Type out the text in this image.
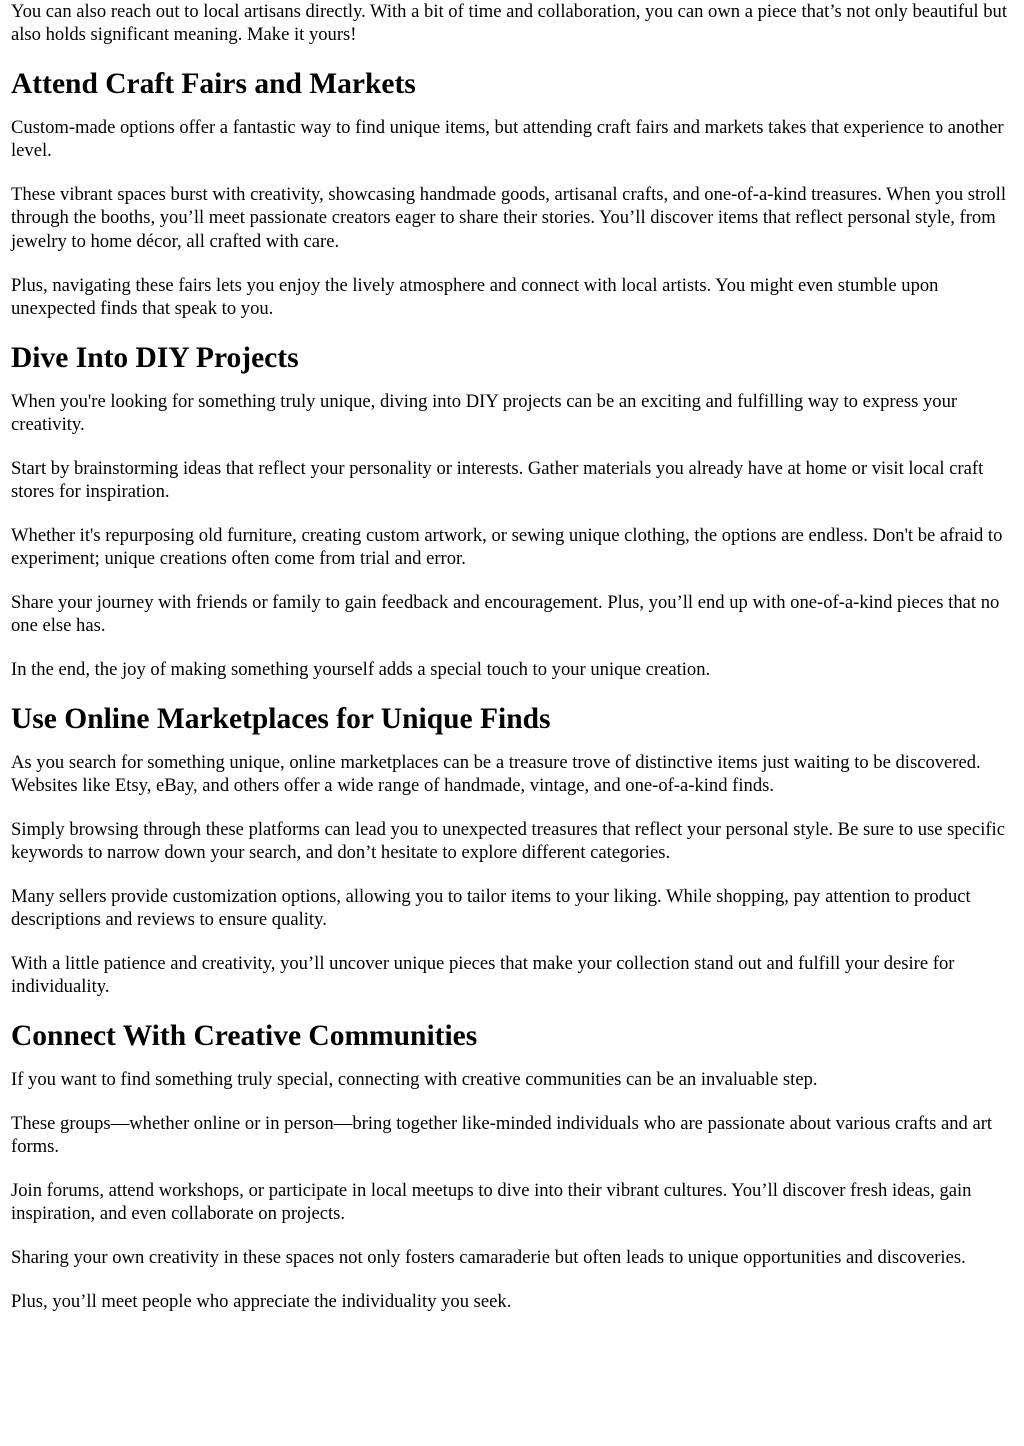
You can also reach out to local artisans directly. With a bit of time and collaboration, you can own a piece that’s not only beautiful but also holds significant meaning. Make it yours!

Attend Craft Fairs and Markets

Custom-made options offer a fantastic way to find unique items, but attending craft fairs and markets takes that experience to another level.

These vibrant spaces burst with creativity, showcasing handmade goods, artisanal crafts, and one-of-a-kind treasures. When you stroll through the booths, you’ll meet passionate creators eager to share their stories. You’ll discover items that reflect personal style, from jewelry to home décor, all crafted with care.

Plus, navigating these fairs lets you enjoy the lively atmosphere and connect with local artists. You might even stumble upon unexpected finds that speak to you.

Dive Into DIY Projects

When you're looking for something truly unique, diving into DIY projects can be an exciting and fulfilling way to express your creativity.

Start by brainstorming ideas that reflect your personality or interests. Gather materials you already have at home or visit local craft stores for inspiration.

Whether it's repurposing old furniture, creating custom artwork, or sewing unique clothing, the options are endless. Don't be afraid to experiment; unique creations often come from trial and error.

Share your journey with friends or family to gain feedback and encouragement. Plus, you’ll end up with one-of-a-kind pieces that no one else has.

In the end, the joy of making something yourself adds a special touch to your unique creation.

Use Online Marketplaces for Unique Finds

As you search for something unique, online marketplaces can be a treasure trove of distinctive items just waiting to be discovered. Websites like Etsy, eBay, and others offer a wide range of handmade, vintage, and one-of-a-kind finds.

Simply browsing through these platforms can lead you to unexpected treasures that reflect your personal style. Be sure to use specific keywords to narrow down your search, and don’t hesitate to explore different categories.

Many sellers provide customization options, allowing you to tailor items to your liking. While shopping, pay attention to product descriptions and reviews to ensure quality.

With a little patience and creativity, you’ll uncover unique pieces that make your collection stand out and fulfill your desire for individuality.

Connect With Creative Communities

If you want to find something truly special, connecting with creative communities can be an invaluable step.

These groups—whether online or in person—bring together like-minded individuals who are passionate about various crafts and art forms.

Join forums, attend workshops, or participate in local meetups to dive into their vibrant cultures. You’ll discover fresh ideas, gain inspiration, and even collaborate on projects.

Sharing your own creativity in these spaces not only fosters camaraderie but often leads to unique opportunities and discoveries.

Plus, you’ll meet people who appreciate the individuality you seek.
